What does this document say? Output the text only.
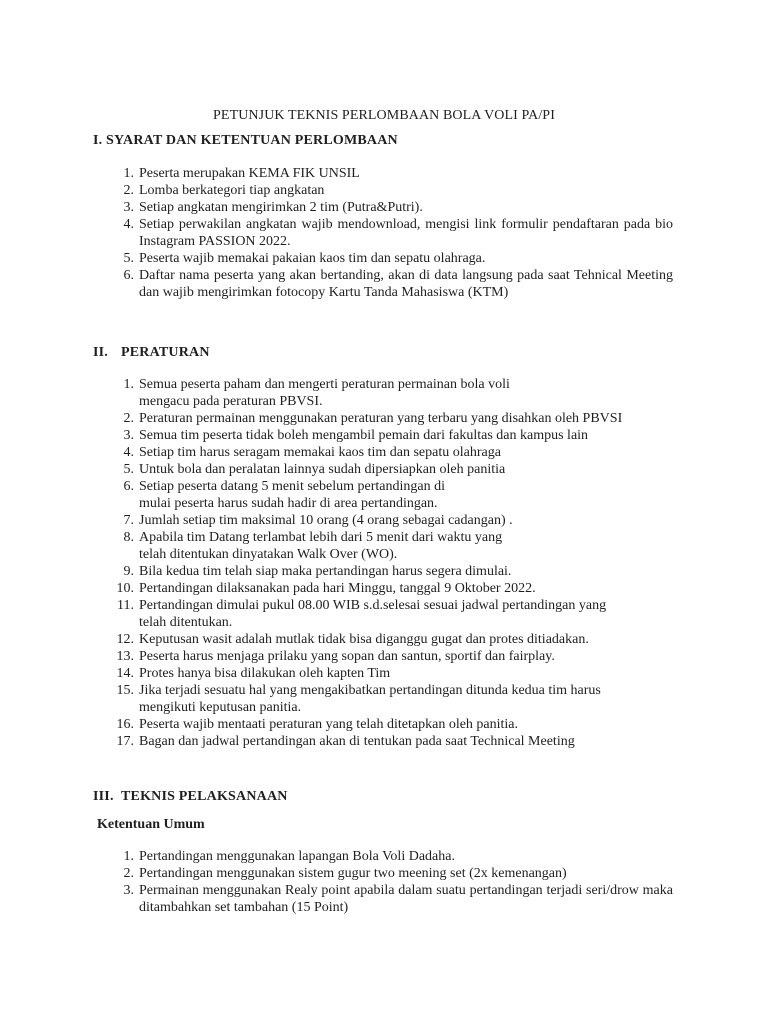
PETUNJUK TEKNIS PERLOMBAAN BOLA VOLI PA/PI
I. SYARAT DAN KETENTUAN PERLOMBAAN
1. Peserta merupakan KEMA FIK UNSIL
2. Lomba berkategori tiap angkatan
3. Setiap angkatan mengirimkan 2 tim (Putra&Putri).
4. Setiap perwakilan angkatan wajib mendownload, mengisi link formulir pendaftaran pada bio Instagram PASSION 2022.
5. Peserta wajib memakai pakaian kaos tim dan sepatu olahraga.
6. Daftar nama peserta yang akan bertanding, akan di data langsung pada saat Tehnical Meeting dan wajib mengirimkan fotocopy Kartu Tanda Mahasiswa (KTM)
II. PERATURAN
1. Semua peserta paham dan mengerti peraturan permainan bola voli
mengacu pada peraturan PBVSI.
2. Peraturan permainan menggunakan peraturan yang terbaru yang disahkan oleh PBVSI
3. Semua tim peserta tidak boleh mengambil pemain dari fakultas dan kampus lain
4. Setiap tim harus seragam memakai kaos tim dan sepatu olahraga
5. Untuk bola dan peralatan lainnya sudah dipersiapkan oleh panitia
6. Setiap peserta datang 5 menit sebelum pertandingan di
mulai peserta harus sudah hadir di area pertandingan.
7. Jumlah setiap tim maksimal 10 orang (4 orang sebagai cadangan) .
8. Apabila tim Datang terlambat lebih dari 5 menit dari waktu yang
telah ditentukan dinyatakan Walk Over (WO).
9. Bila kedua tim telah siap maka pertandingan harus segera dimulai.
10. Pertandingan dilaksanakan pada hari Minggu, tanggal 9 Oktober 2022.
11. Pertandingan dimulai pukul 08.00 WIB s.d.selesai sesuai jadwal pertandingan yang
telah ditentukan.
12. Keputusan wasit adalah mutlak tidak bisa diganggu gugat dan protes ditiadakan.
13. Peserta harus menjaga prilaku yang sopan dan santun, sportif dan fairplay.
14. Protes hanya bisa dilakukan oleh kapten Tim
15. Jika terjadi sesuatu hal yang mengakibatkan pertandingan ditunda kedua tim harus
mengikuti keputusan panitia.
16. Peserta wajib mentaati peraturan yang telah ditetapkan oleh panitia.
17. Bagan dan jadwal pertandingan akan di tentukan pada saat Technical Meeting
III. TEKNIS PELAKSANAAN
Ketentuan Umum
1. Pertandingan menggunakan lapangan Bola Voli Dadaha.
2. Pertandingan menggunakan sistem gugur two meening set (2x kemenangan)
3. Permainan menggunakan Realy point apabila dalam suatu pertandingan terjadi seri/drow maka ditambahkan set tambahan (15 Point)
